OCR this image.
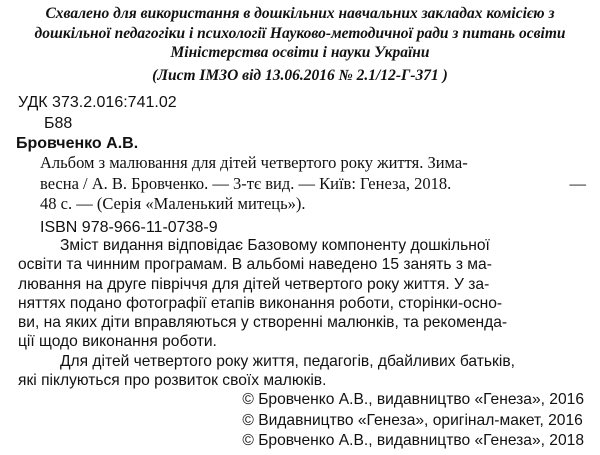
Схвалено для використання в дошкільних навчальних закладах комісією з
дошкільної педагогіки і психології Науково-методичної ради з питань освіти
Міністерства освіти і науки України
(Лист ІМЗО від 13.06.2016 № 2.1/12-Г-371 )
УДК 373.2.016:741.02
Б88
Бровченко А.В.
Альбом з малювання для дітей четвертого року життя. Зима-
весна / А. В. Бровченко. — 3-тє вид. — Київ: Генеза, 2018.	—
48 с. — (Серія «Маленький митець»).
ISBN 978-966-11-0738-9
Зміст видання відповідає Базовому компоненту дошкільної
освіти та чинним програмам. В альбомі наведено 15 занять з ма-
лювання на друге півріччя для дітей четвертого року життя. У за-
няттях подано фотографії етапів виконання роботи, сторінки-осно-
ви, на яких діти вправляються у створенні малюнків, та рекоменда-
ції щодо виконання роботи.
Для дітей четвертого року життя, педагогів, дбайливих батьків,
які піклуються про розвиток своїх малюків.
© Бровченко А.В., видавництво «Генеза», 2016
© Видавництво «Генеза», оригінал-макет, 2016
© Бровченко А.В., видавництво «Генеза», 2018
